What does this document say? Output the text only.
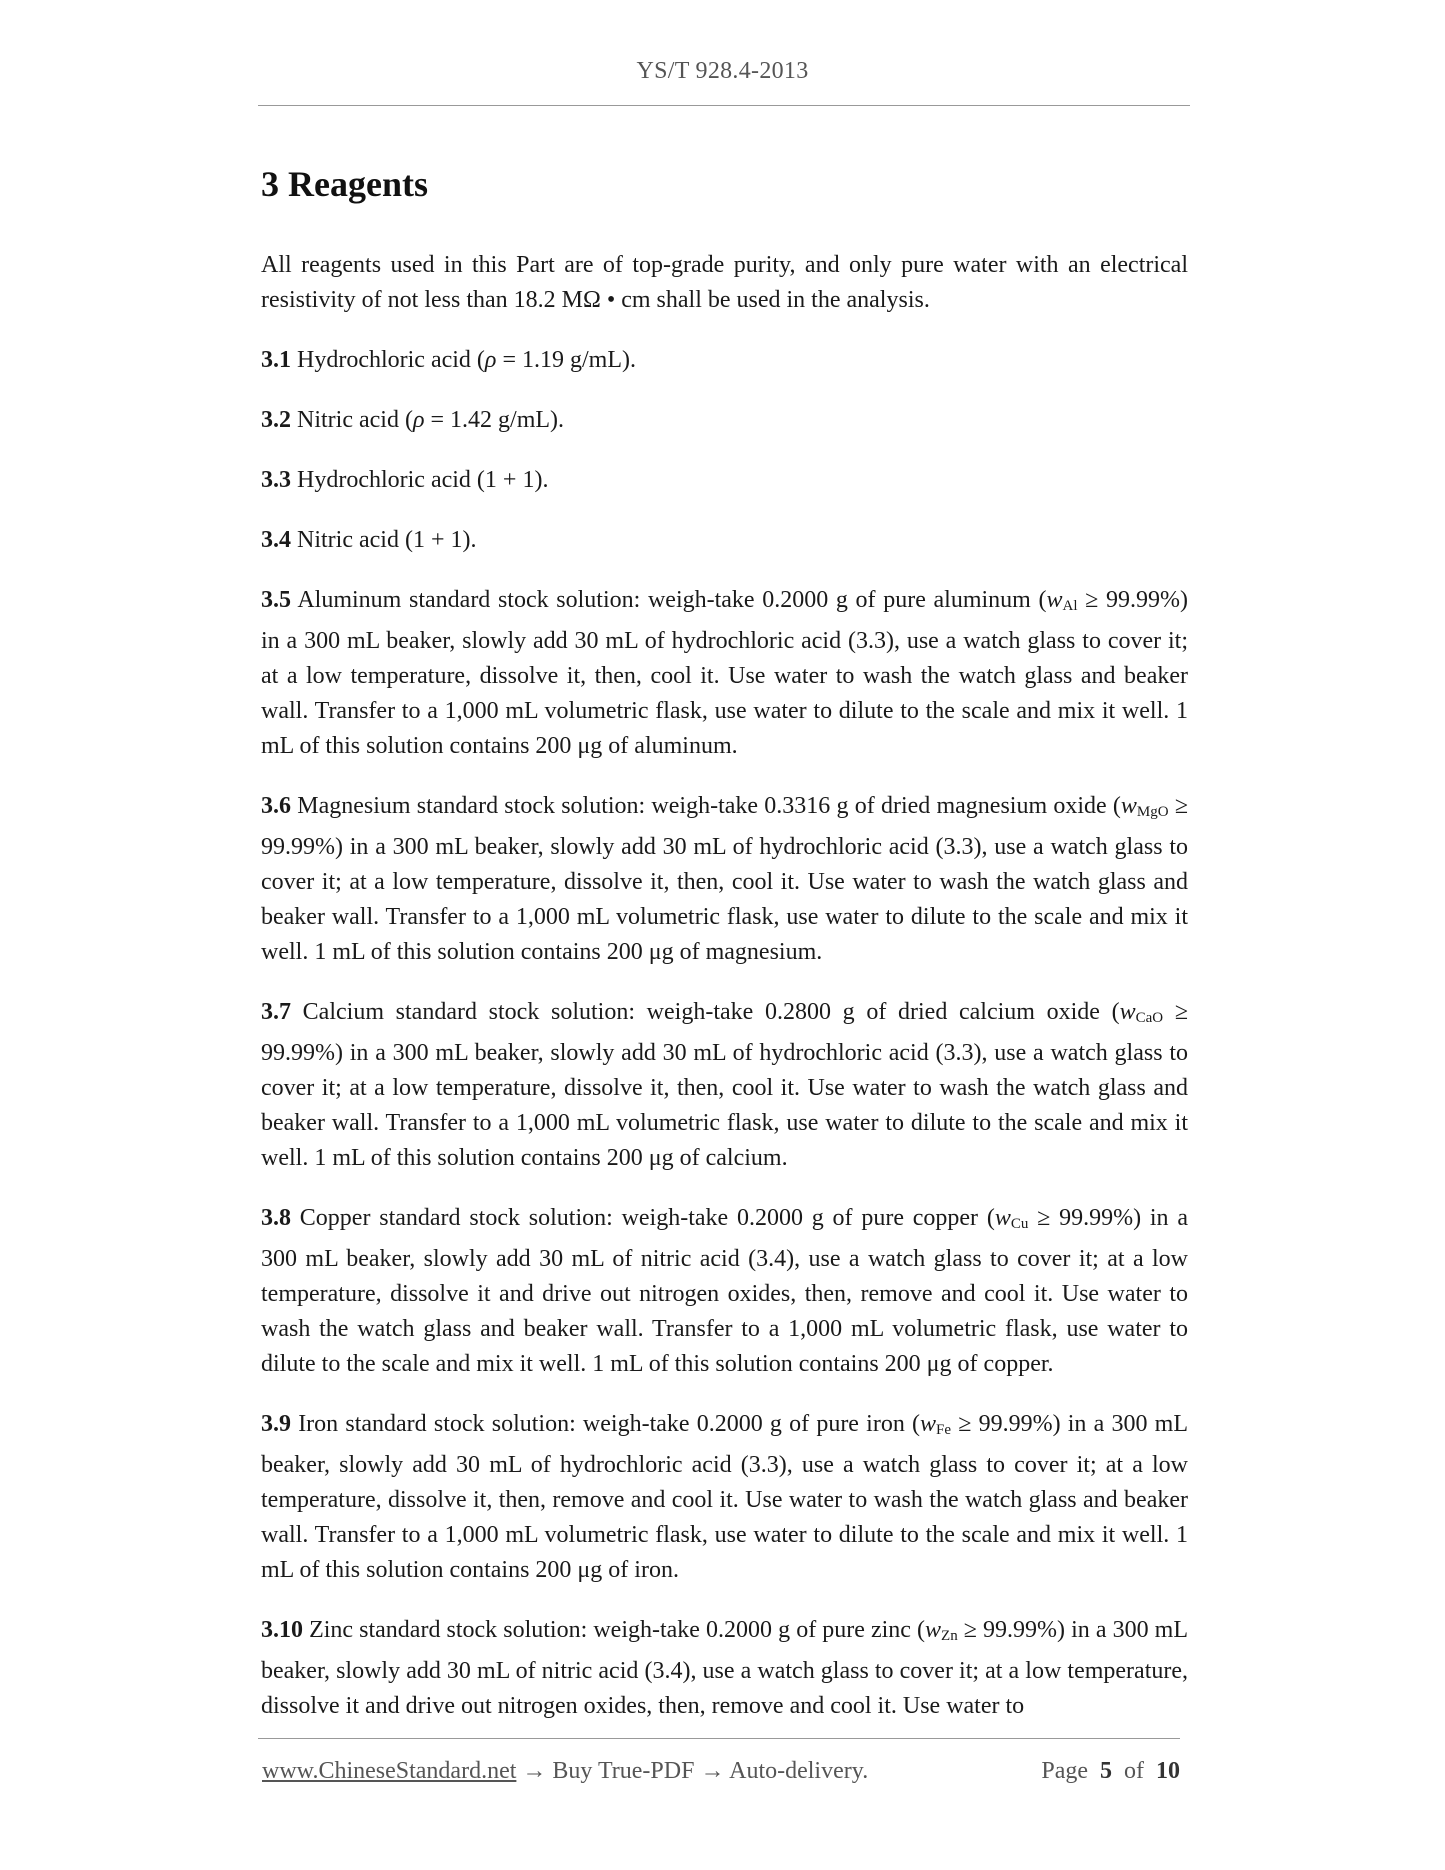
YS/T 928.4-2013
3 Reagents

All reagents used in this Part are of top-grade purity, and only pure water with an electrical resistivity of not less than 18.2 MΩ • cm shall be used in the analysis.

3.1 Hydrochloric acid (ρ = 1.19 g/mL).

3.2 Nitric acid (ρ = 1.42 g/mL).

3.3 Hydrochloric acid (1 + 1).

3.4 Nitric acid (1 + 1).

3.5 Aluminum standard stock solution: weigh-take 0.2000 g of pure aluminum $(w_{Al} \ge 99.99\%)$ in a 300 mL beaker, slowly add 30 mL of hydrochloric acid (3.3), use a watch glass to cover it; at a low temperature, dissolve it, then, cool it. Use water to wash the watch glass and beaker wall. Transfer to a 1,000 mL volumetric flask, use water to dilute to the scale and mix it well. 1 mL of this solution contains 200 μg of aluminum.

3.6 Magnesium standard stock solution: weigh-take 0.3316 g of dried magnesium oxide $(w_{MgO} \ge 99.99\%)$ in a 300 mL beaker, slowly add 30 mL of hydrochloric acid (3.3), use a watch glass to cover it; at a low temperature, dissolve it, then, cool it. Use water to wash the watch glass and beaker wall. Transfer to a 1,000 mL volumetric flask, use water to dilute to the scale and mix it well. 1 mL of this solution contains 200 μg of magnesium.

3.7 Calcium standard stock solution: weigh-take 0.2800 g of dried calcium oxide $(w_{CaO} \ge 99.99\%)$ in a 300 mL beaker, slowly add 30 mL of hydrochloric acid (3.3), use a watch glass to cover it; at a low temperature, dissolve it, then, cool it. Use water to wash the watch glass and beaker wall. Transfer to a 1,000 mL volumetric flask, use water to dilute to the scale and mix it well. 1 mL of this solution contains 200 μg of calcium.

3.8 Copper standard stock solution: weigh-take 0.2000 g of pure copper $(w_{Cu} \ge 99.99\%)$ in a 300 mL beaker, slowly add 30 mL of nitric acid (3.4), use a watch glass to cover it; at a low temperature, dissolve it and drive out nitrogen oxides, then, remove and cool it. Use water to wash the watch glass and beaker wall. Transfer to a 1,000 mL volumetric flask, use water to dilute to the scale and mix it well. 1 mL of this solution contains 200 μg of copper.

3.9 Iron standard stock solution: weigh-take 0.2000 g of pure iron $(w_{Fe} \ge 99.99\%)$ in a 300 mL beaker, slowly add 30 mL of hydrochloric acid (3.3), use a watch glass to cover it; at a low temperature, dissolve it, then, remove and cool it. Use water to wash the watch glass and beaker wall. Transfer to a 1,000 mL volumetric flask, use water to dilute to the scale and mix it well. 1 mL of this solution contains 200 μg of iron.

3.10 Zinc standard stock solution: weigh-take 0.2000 g of pure zinc $(w_{Zn} \ge 99.99\%)$ in a 300 mL beaker, slowly add 30 mL of nitric acid (3.4), use a watch glass to cover it; at a low temperature, dissolve it and drive out nitrogen oxides, then, remove and cool it. Use water to

www.ChineseStandard.net → Buy True-PDF → Auto-delivery.	Page 5 of 10
